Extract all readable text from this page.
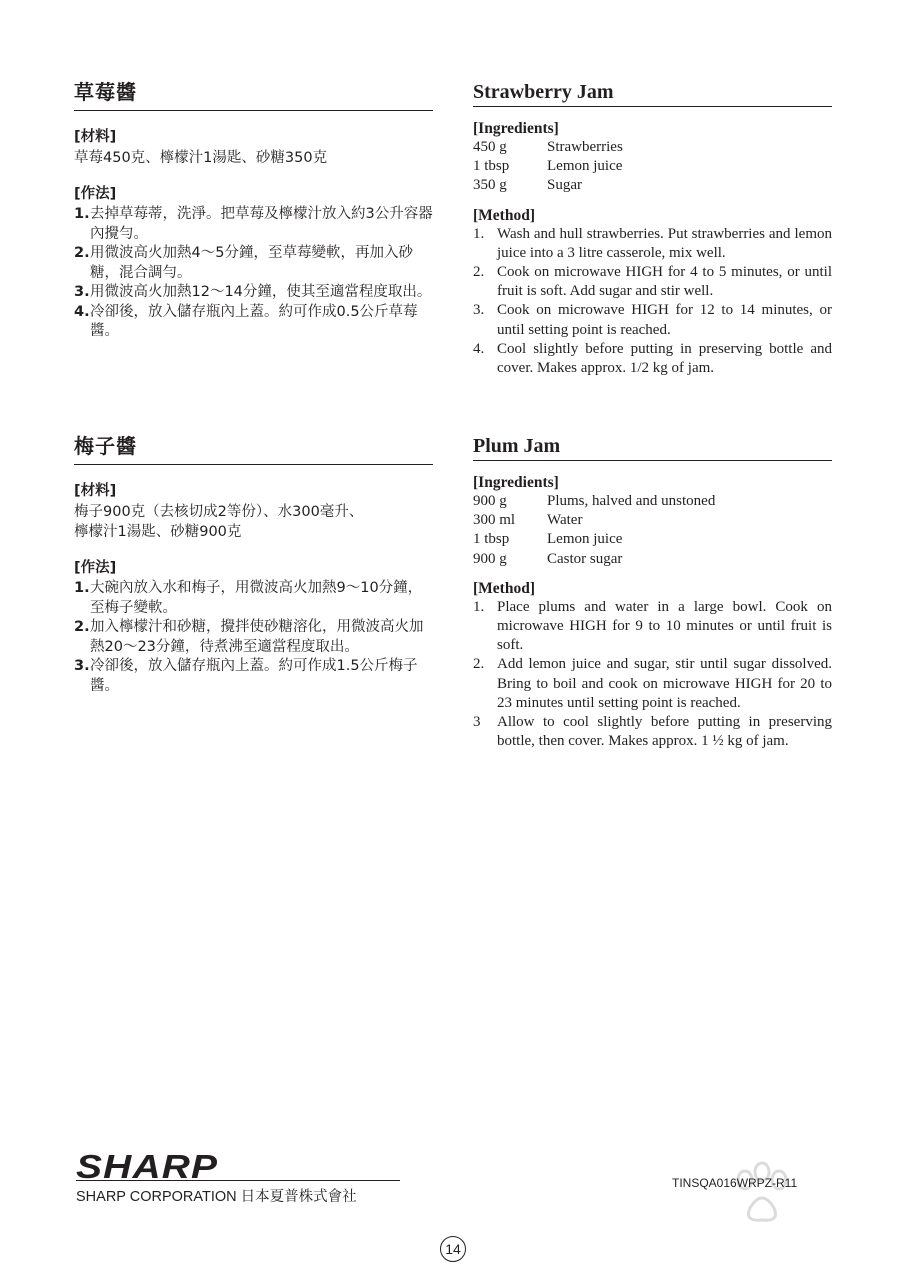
草莓醬
[材料]
草莓450克、檸檬汁1湯匙、砂糖350克
[作法]
1. 去掉草莓蒂，洗淨。把草莓及檸檬汁放入約3公升容器內攪勻。
2. 用微波高火加熱4～5分鐘，至草莓變軟，再加入砂糖，混合調勻。
3. 用微波高火加熱12～14分鐘，使其至適當程度取出。
4. 冷卻後，放入儲存瓶內上蓋。約可作成0.5公斤草莓醬。
Strawberry Jam
[Ingredients]
450 g	Strawberries
1 tbsp	Lemon juice
350 g	Sugar
[Method]
1. Wash and hull strawberries. Put strawberries and lemon juice into a 3 litre casserole, mix well.
2. Cook on microwave HIGH for 4 to 5 minutes, or until fruit is soft. Add sugar and stir well.
3. Cook on microwave HIGH for 12 to 14 minutes, or until setting point is reached.
4. Cool slightly before putting in preserving bottle and cover. Makes approx. 1/2 kg of jam.
梅子醬
[材料]
梅子900克（去核切成2等份）、水300毫升、
檸檬汁1湯匙、砂糖900克
[作法]
1. 大碗內放入水和梅子，用微波高火加熱9～10分鐘，至梅子變軟。
2. 加入檸檬汁和砂糖，攪拌使砂糖溶化，用微波高火加熱20～23分鐘，待煮沸至適當程度取出。
3. 冷卻後，放入儲存瓶內上蓋。約可作成1.5公斤梅子醬。
Plum Jam
[Ingredients]
900 g	Plums, halved and unstoned
300 ml	Water
1 tbsp	Lemon juice
900 g	Castor sugar
[Method]
1. Place plums and water in a large bowl. Cook on microwave HIGH for 9 to 10 minutes or until fruit is soft.
2. Add lemon juice and sugar, stir until sugar dissolved. Bring to boil and cook on microwave HIGH for 20 to 23 minutes until setting point is reached.
3	Allow to cool slightly before putting in preserving bottle, then cover. Makes approx. 1 ½ kg of jam.
SHARP
SHARP CORPORATION 日本夏普株式會社
TINSQA016WRPZ-R11
14
